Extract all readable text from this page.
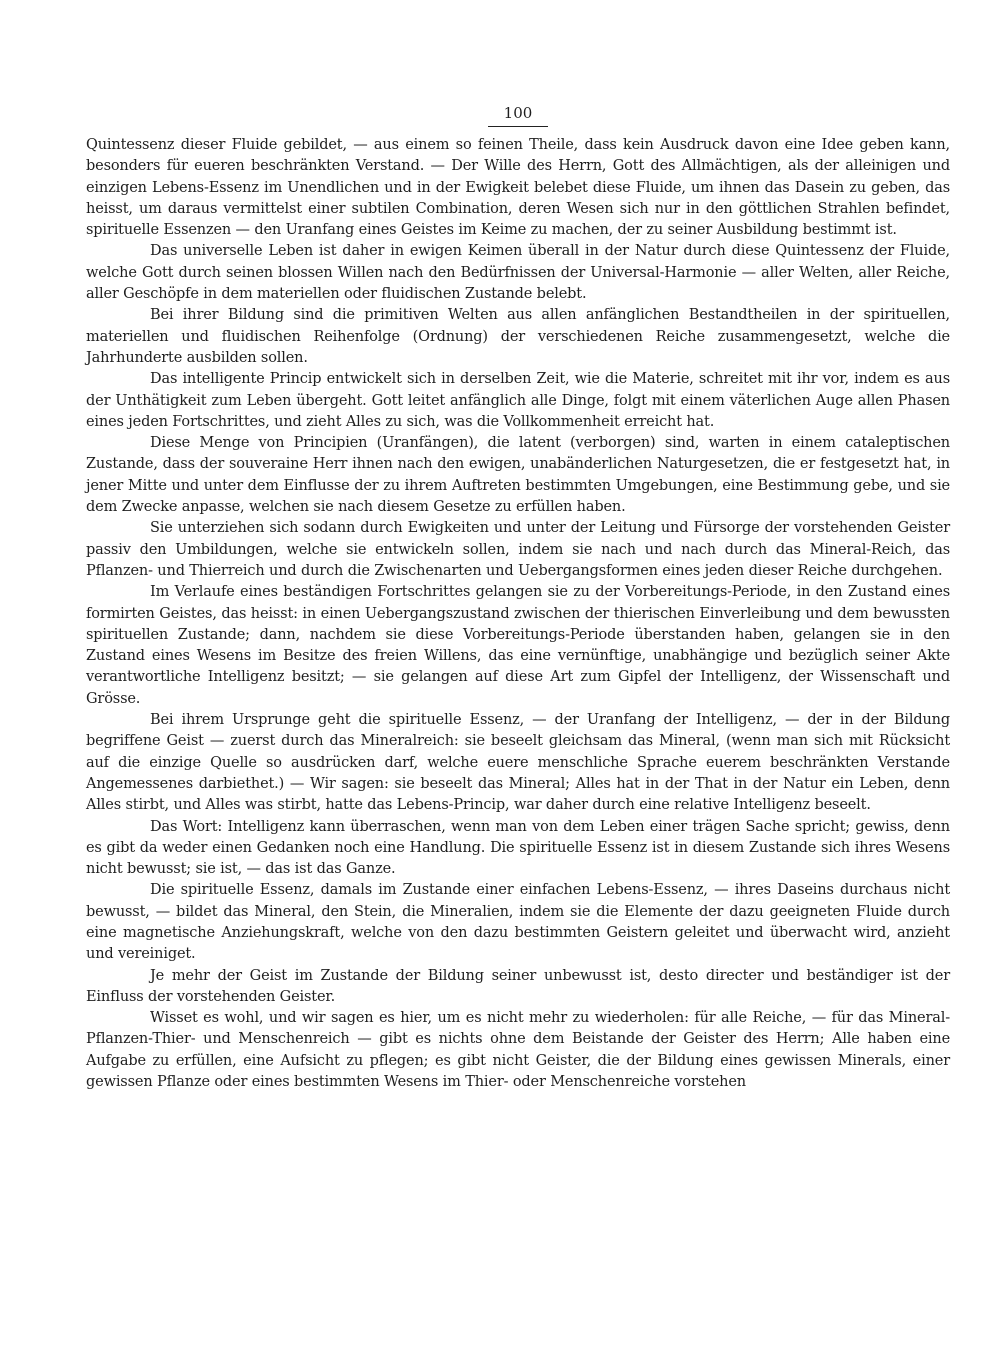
100

Quintessenz dieser Fluide gebildet, — aus einem so feinen Theile, dass kein Ausdruck davon eine Idee geben kann, besonders für eueren beschränkten Verstand. — Der Wille des Herrn, Gott des Allmächtigen, als der alleinigen und einzigen Lebens-Essenz im Unendlichen und in der Ewigkeit belebet diese Fluide, um ihnen das Dasein zu geben, das heisst, um daraus vermittelst einer subtilen Combination, deren Wesen sich nur in den göttlichen Strahlen befindet, spirituelle Essenzen — den Uranfang eines Geistes im Keime zu machen, der zu seiner Ausbildung bestimmt ist.

Das universelle Leben ist daher in ewigen Keimen überall in der Natur durch diese Quintessenz der Fluide, welche Gott durch seinen blossen Willen nach den Bedürfnissen der Universal-Harmonie — aller Welten, aller Reiche, aller Geschöpfe in dem materiellen oder fluidischen Zustande belebt.

Bei ihrer Bildung sind die primitiven Welten aus allen anfänglichen Bestandtheilen in der spirituellen, materiellen und fluidischen Reihenfolge (Ordnung) der verschiedenen Reiche zusammengesetzt, welche die Jahrhunderte ausbilden sollen.

Das intelligente Princip entwickelt sich in derselben Zeit, wie die Materie, schreitet mit ihr vor, indem es aus der Unthätigkeit zum Leben übergeht. Gott leitet anfänglich alle Dinge, folgt mit einem väterlichen Auge allen Phasen eines jeden Fortschrittes, und zieht Alles zu sich, was die Vollkommenheit erreicht hat.

Diese Menge von Principien (Uranfängen), die latent (verborgen) sind, warten in einem cataleptischen Zustande, dass der souveraine Herr ihnen nach den ewigen, unabänderlichen Naturgesetzen, die er festgesetzt hat, in jener Mitte und unter dem Einflusse der zu ihrem Auftreten bestimmten Umgebungen, eine Bestimmung gebe, und sie dem Zwecke anpasse, welchen sie nach diesem Gesetze zu erfüllen haben.

Sie unterziehen sich sodann durch Ewigkeiten und unter der Leitung und Fürsorge der vorstehenden Geister passiv den Umbildungen, welche sie entwickeln sollen, indem sie nach und nach durch das Mineral-Reich, das Pflanzen- und Thierreich und durch die Zwischenarten und Uebergangsformen eines jeden dieser Reiche durchgehen.

Im Verlaufe eines beständigen Fortschrittes gelangen sie zu der Vorbereitungs-Periode, in den Zustand eines formirten Geistes, das heisst: in einen Uebergangszustand zwischen der thierischen Einverleibung und dem bewussten spirituellen Zustande; dann, nachdem sie diese Vorbereitungs-Periode überstanden haben, gelangen sie in den Zustand eines Wesens im Besitze des freien Willens, das eine vernünftige, unabhängige und bezüglich seiner Akte verantwortliche Intelligenz besitzt; — sie gelangen auf diese Art zum Gipfel der Intelligenz, der Wissenschaft und Grösse.

Bei ihrem Ursprunge geht die spirituelle Essenz, — der Uranfang der Intelligenz, — der in der Bildung begriffene Geist — zuerst durch das Mineralreich: sie beseelt gleichsam das Mineral, (wenn man sich mit Rücksicht auf die einzige Quelle so ausdrücken darf, welche euere menschliche Sprache euerem beschränkten Verstande Angemessenes darbiethet.) — Wir sagen: sie beseelt das Mineral; Alles hat in der That in der Natur ein Leben, denn Alles stirbt, und Alles was stirbt, hatte das Lebens-Princip, war daher durch eine relative Intelligenz beseelt.

Das Wort: Intelligenz kann überraschen, wenn man von dem Leben einer trägen Sache spricht; gewiss, denn es gibt da weder einen Gedanken noch eine Handlung. Die spirituelle Essenz ist in diesem Zustande sich ihres Wesens nicht bewusst; sie ist, — das ist das Ganze.

Die spirituelle Essenz, damals im Zustande einer einfachen Lebens-Essenz, — ihres Daseins durchaus nicht bewusst, — bildet das Mineral, den Stein, die Mineralien, indem sie die Elemente der dazu geeigneten Fluide durch eine magnetische Anziehungskraft, welche von den dazu bestimmten Geistern geleitet und überwacht wird, anzieht und vereiniget.

Je mehr der Geist im Zustande der Bildung seiner unbewusst ist, desto directer und beständiger ist der Einfluss der vorstehenden Geister.

Wisset es wohl, und wir sagen es hier, um es nicht mehr zu wiederholen: für alle Reiche, — für das Mineral-Pflanzen-Thier- und Menschenreich — gibt es nichts ohne dem Beistande der Geister des Herrn; Alle haben eine Aufgabe zu erfüllen, eine Aufsicht zu pflegen; es gibt nicht Geister, die der Bildung eines gewissen Minerals, einer gewissen Pflanze oder eines bestimmten Wesens im Thier- oder Menschenreiche vorstehen
